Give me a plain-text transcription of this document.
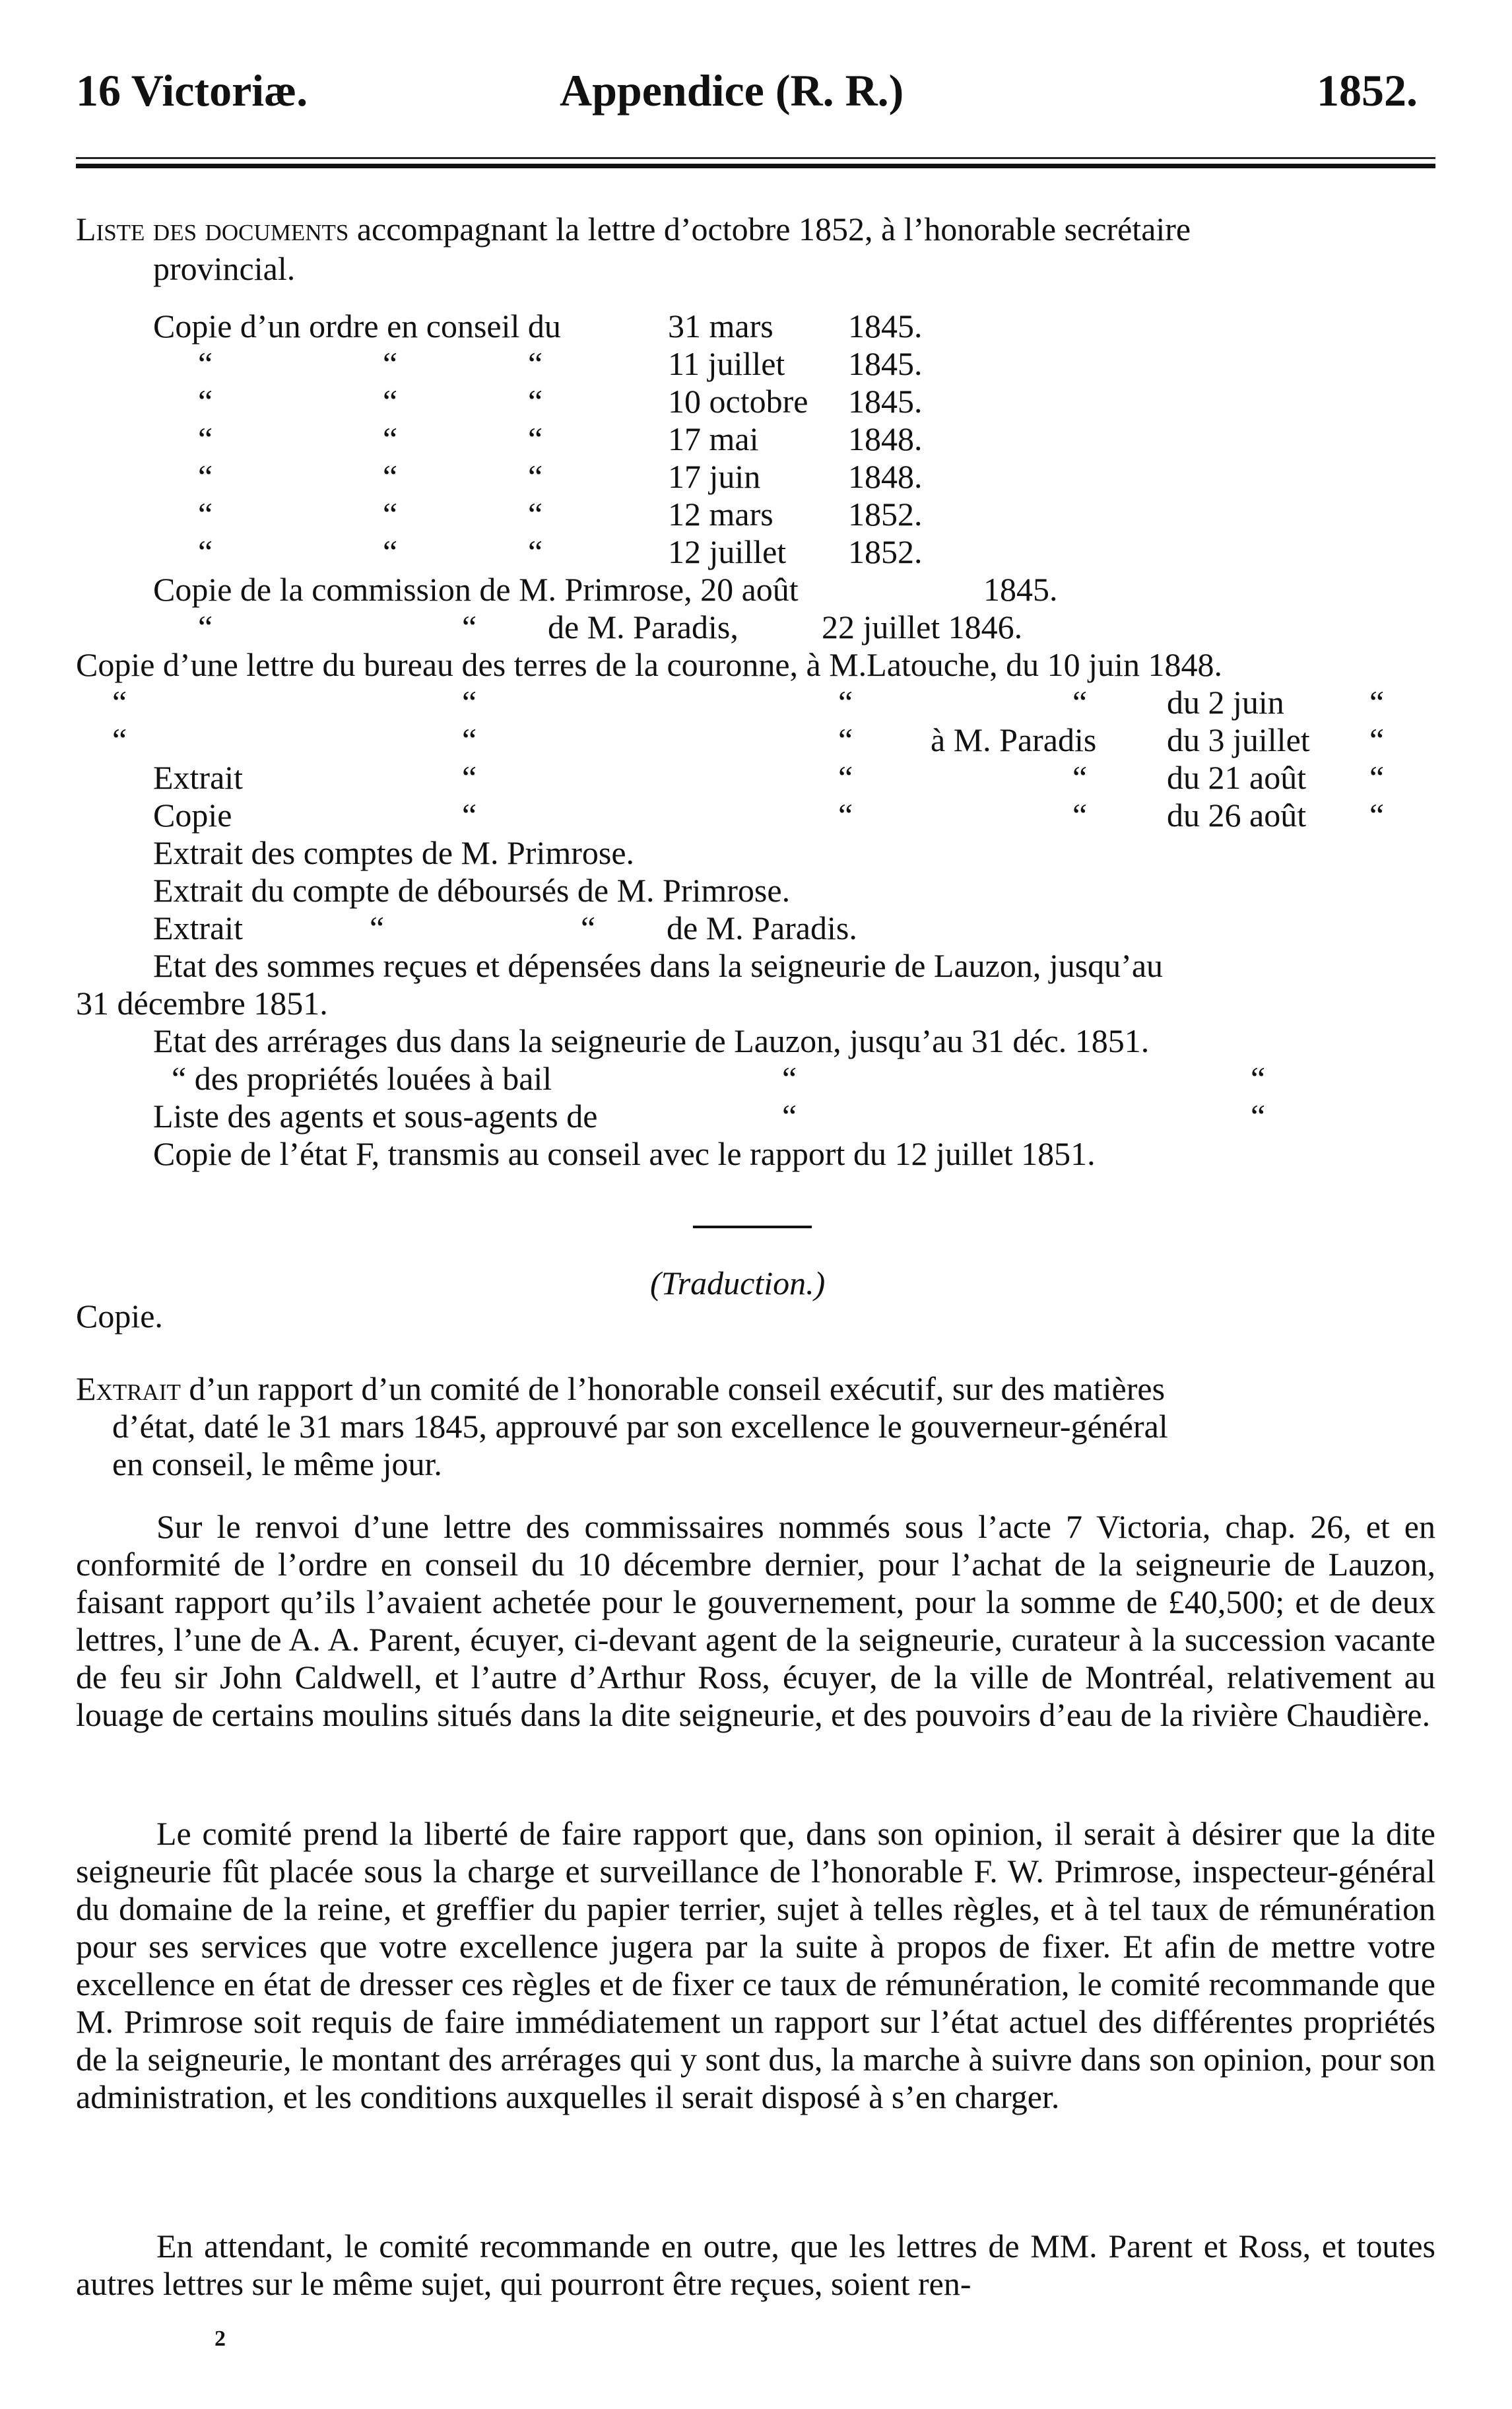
16 Victoriæ.	Appendice (R. R.)	1852.
Liste des documents accompagnant la lettre d’octobre 1852, à l’honorable secrétaire
provincial.
Copie d’un ordre en conseil du	31 mars 1845.
“	“	“	11 juillet 1845.
“	“	“	10 octobre 1845.
“	“	“	17 mai	1848.
“	“	“	17 juin	1848.
“	“	“	12 mars 1852.
“	“	“	12 juillet 1852.
Copie de la commission de M. Primrose, 20 août	1845.
“	“ de M. Paradis,	22 juillet 1846.
Copie d’une lettre du bureau des terres de la couronne, à M.Latouche, du 10 juin 1848.
“	“	“	“ du 2 juin	“
“	“	“ à M. Paradis du 3 juillet “
Extrait	“	“	“ du 21 août “
Copie	“	“	“ du 26 août “
Extrait des comptes de M. Primrose.
Extrait du compte de déboursés de M. Primrose.
Extrait	“	“ de M. Paradis.
Etat des sommes reçues et dépensées dans la seigneurie de Lauzon, jusqu’au
31 décembre 1851.
Etat des arrérages dus dans la seigneurie de Lauzon, jusqu’au 31 déc. 1851.
“ des propriétés louées à bail	“	“
Liste des agents et sous-agents de	“	“
Copie de l’état F, transmis au conseil avec le rapport du 12 juillet 1851.
(Traduction.)
Copie.
Extrait d’un rapport d’un comité de l’honorable conseil exécutif, sur des matières
d’état, daté le 31 mars 1845, approuvé par son excellence le gouverneur-général
en conseil, le même jour.

Sur le renvoi d’une lettre des commissaires nommés sous l’acte 7 Victoria, chap. 26, et en conformité de l’ordre en conseil du 10 décembre dernier, pour l’achat de la seigneurie de Lauzon, faisant rapport qu’ils l’avaient achetée pour le gouvernement, pour la somme de £40,500; et de deux lettres, l’une de A. A. Parent, écuyer, ci-devant agent de la seigneurie, curateur à la succession vacante de feu sir John Caldwell, et l’autre d’Arthur Ross, écuyer, de la ville de Montréal, relativement au louage de certains moulins situés dans la dite seigneurie, et des pouvoirs d’eau de la rivière Chaudière.

Le comité prend la liberté de faire rapport que, dans son opinion, il serait à désirer que la dite seigneurie fût placée sous la charge et surveillance de l’honorable F. W. Primrose, inspecteur-général du domaine de la reine, et greffier du papier terrier, sujet à telles règles, et à tel taux de rémunération pour ses services que votre excellence jugera par la suite à propos de fixer. Et afin de mettre votre excellence en état de dresser ces règles et de fixer ce taux de rémunération, le comité recommande que M. Primrose soit requis de faire immédiatement un rapport sur l’état actuel des différentes propriétés de la seigneurie, le montant des arrérages qui y sont dus, la marche à suivre dans son opinion, pour son administration, et les conditions auxquelles il serait disposé à s’en charger.

En attendant, le comité recommande en outre, que les lettres de MM. Parent et Ross, et toutes autres lettres sur le même sujet, qui pourront être reçues, soient ren-

2
